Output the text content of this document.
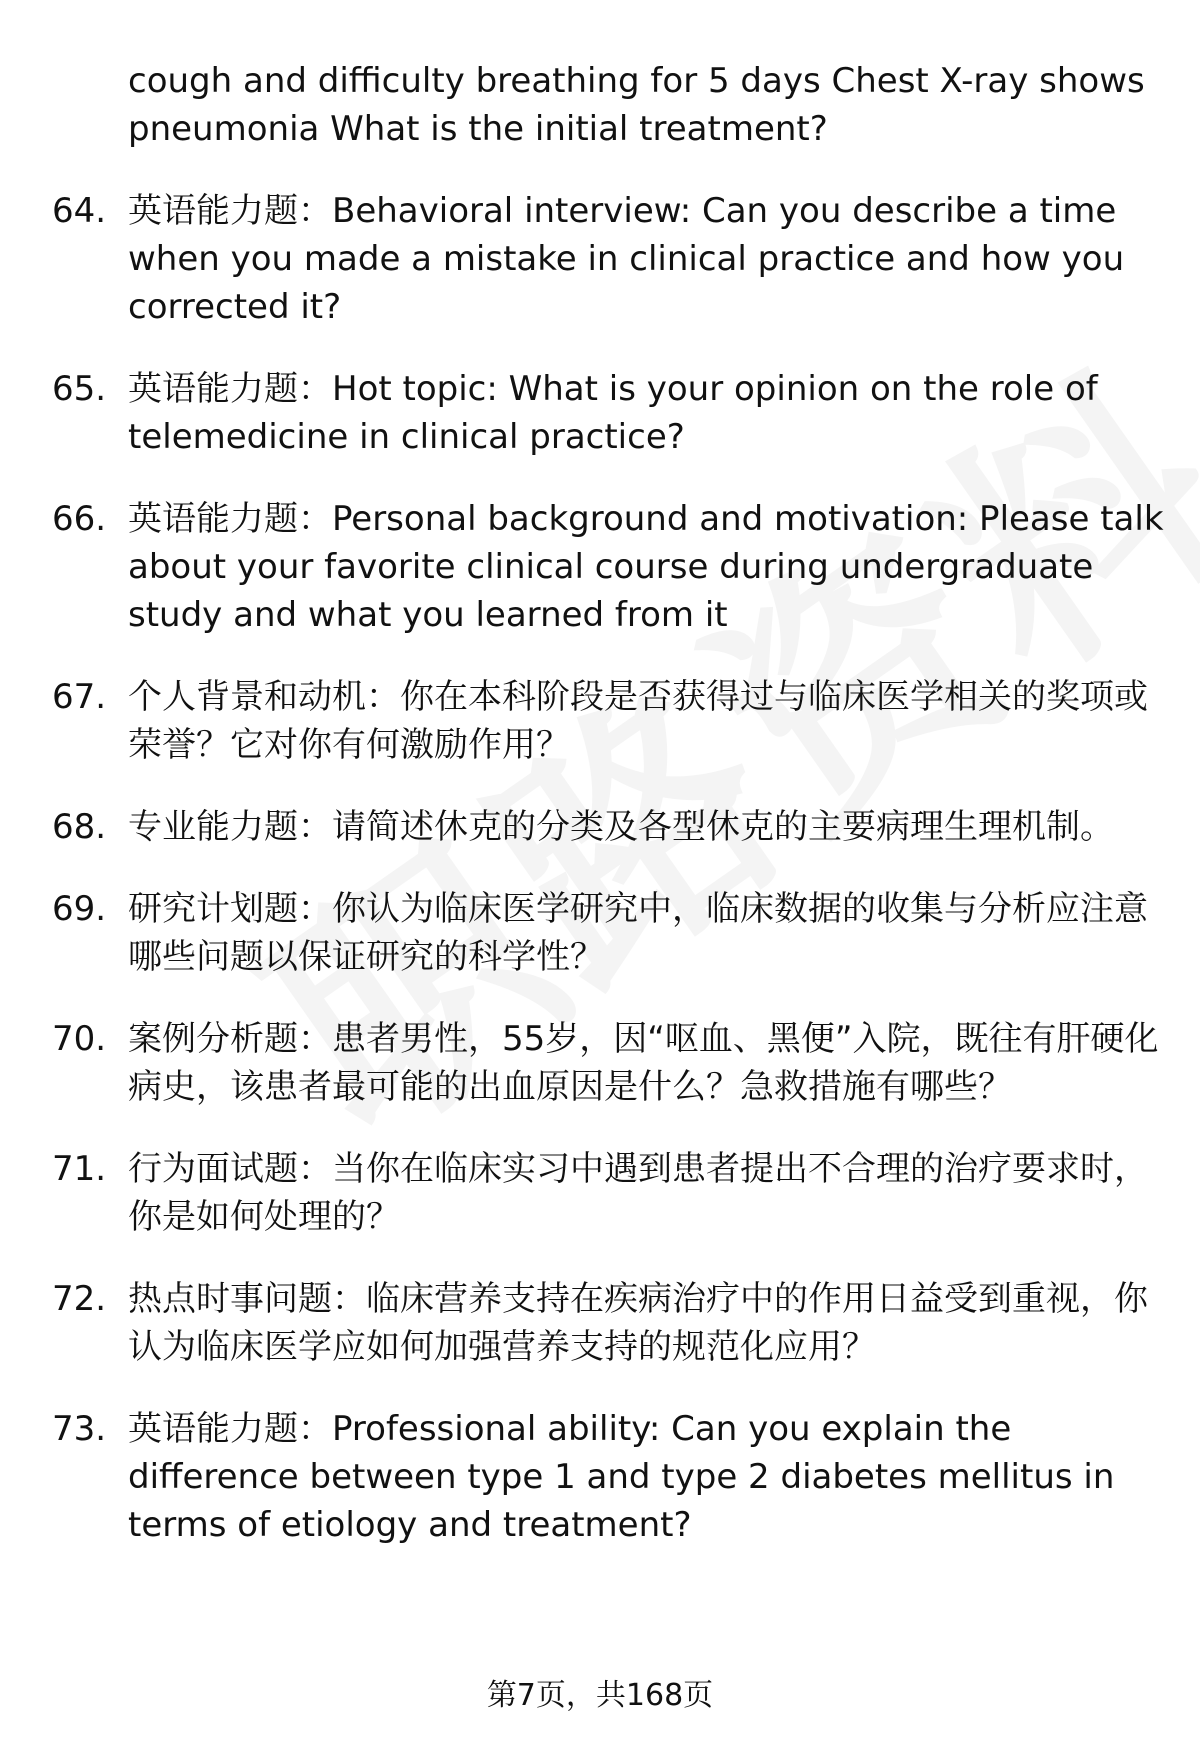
cough and difficulty breathing for 5 days Chest X-ray shows pneumonia What is the initial treatment?
64. 英语能力题：Behavioral interview: Can you describe a time when you made a mistake in clinical practice and how you corrected it?
65. 英语能力题：Hot topic: What is your opinion on the role of telemedicine in clinical practice?
66. 英语能力题：Personal background and motivation: Please talk about your favorite clinical course during undergraduate study and what you learned from it
67. 个人背景和动机：你在本科阶段是否获得过与临床医学相关的奖项或荣誉？它对你有何激励作用？
68. 专业能力题：请简述休克的分类及各型休克的主要病理生理机制。
69. 研究计划题：你认为临床医学研究中，临床数据的收集与分析应注意哪些问题以保证研究的科学性？
70. 案例分析题：患者男性，55岁，因“呕血、黑便”入院，既往有肝硬化病史，该患者最可能的出血原因是什么？急救措施有哪些？
71. 行为面试题：当你在临床实习中遇到患者提出不合理的治疗要求时，你是如何处理的？
72. 热点时事问题：临床营养支持在疾病治疗中的作用日益受到重视，你认为临床医学应如何加强营养支持的规范化应用？
73. 英语能力题：Professional ability: Can you explain the difference between type 1 and type 2 diabetes mellitus in terms of etiology and treatment?
第7页，共168页
